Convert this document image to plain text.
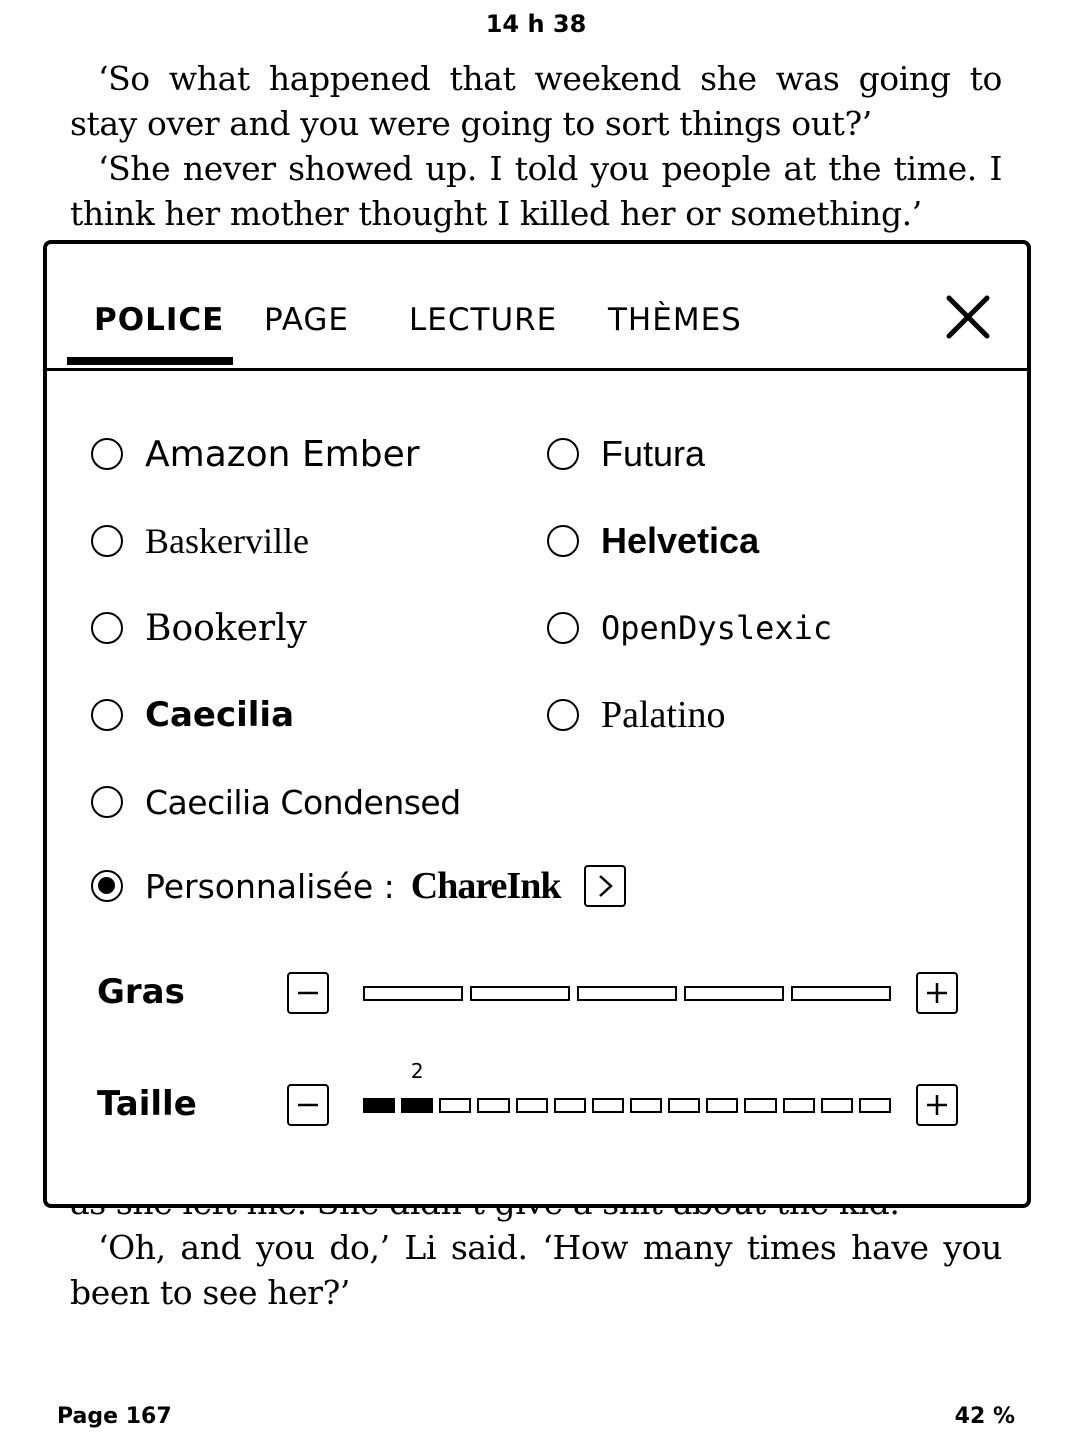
14 h 38

‘So what happened that weekend she was going to stay over and you were going to sort things out?’

‘She never showed up. I told you people at the time. I think her mother thought I killed her or something.’

‘Oh, and you do,’ Li said. ‘How many times have you been to see her?’

Page 167	42 %
POLICE PAGE LECTURE THÈMES
Amazon Ember	Futura
Baskerville	Helvetica
Bookerly	OpenDyslexic
Caecilia	Palatino
Caecilia Condensed
Personnalisée : ChareInk
Gras
Taille
2
